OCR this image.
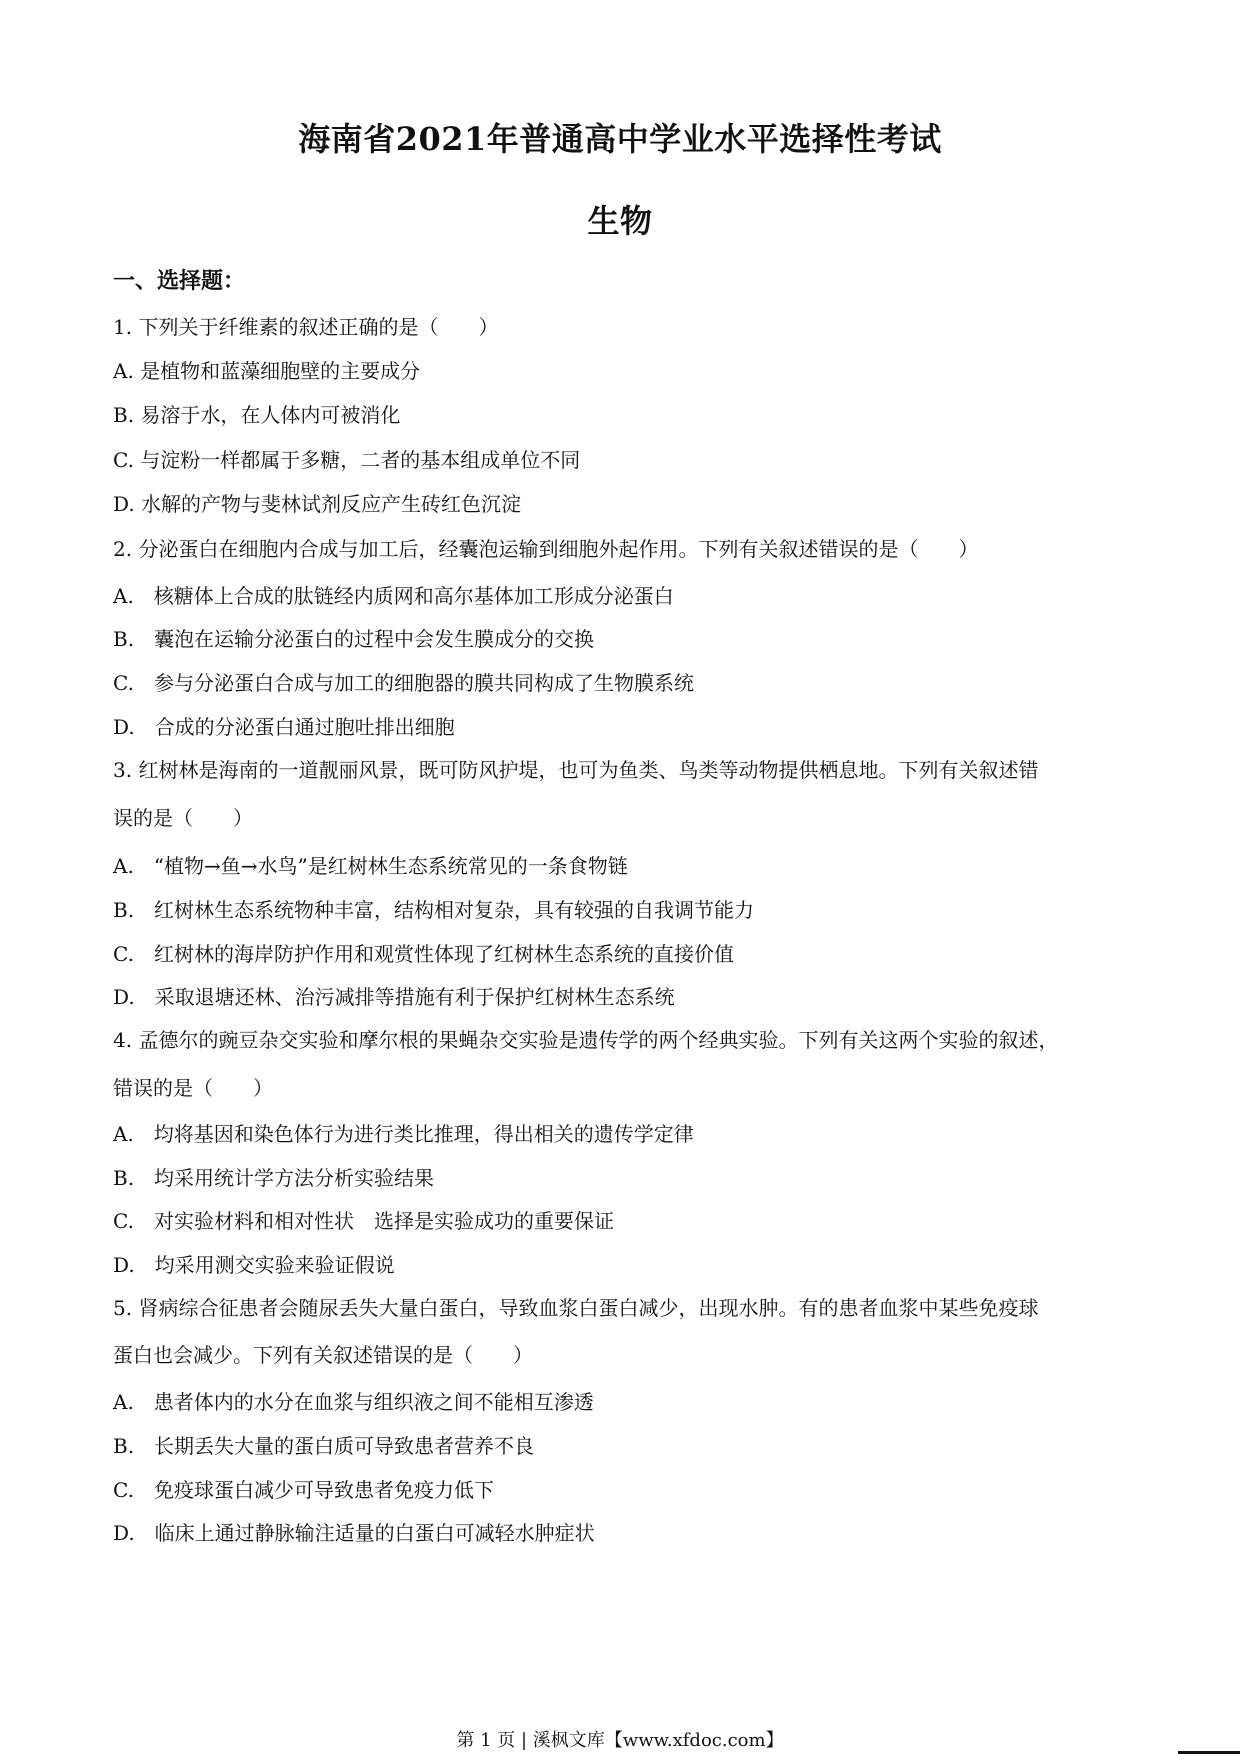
海南省2021年普通高中学业水平选择性考试
生物
一、选择题：
1. 下列关于纤维素的叙述正确的是（　　）
A. 是植物和蓝藻细胞壁的主要成分
B. 易溶于水，在人体内可被消化
C. 与淀粉一样都属于多糖，二者的基本组成单位不同
D. 水解的产物与斐林试剂反应产生砖红色沉淀
2. 分泌蛋白在细胞内合成与加工后，经囊泡运输到细胞外起作用。下列有关叙述错误的是（　　）
A.　核糖体上合成的肽链经内质网和高尔基体加工形成分泌蛋白
B.　囊泡在运输分泌蛋白的过程中会发生膜成分的交换
C.　参与分泌蛋白合成与加工的细胞器的膜共同构成了生物膜系统
D.　合成的分泌蛋白通过胞吐排出细胞
3. 红树林是海南的一道靓丽风景，既可防风护堤，也可为鱼类、鸟类等动物提供栖息地。下列有关叙述错
误的是（　　）
A.　“植物→鱼→水鸟”是红树林生态系统常见的一条食物链
B.　红树林生态系统物种丰富，结构相对复杂，具有较强的自我调节能力
C.　红树林的海岸防护作用和观赏性体现了红树林生态系统的直接价值
D.　采取退塘还林、治污减排等措施有利于保护红树林生态系统
4. 孟德尔的豌豆杂交实验和摩尔根的果蝇杂交实验是遗传学的两个经典实验。下列有关这两个实验的叙述，
错误的是（　　）
A.　均将基因和染色体行为进行类比推理，得出相关的遗传学定律
B.　均采用统计学方法分析实验结果
C.　对实验材料和相对性状　选择是实验成功的重要保证
D.　均采用测交实验来验证假说
5. 肾病综合征患者会随尿丢失大量白蛋白，导致血浆白蛋白减少，出现水肿。有的患者血浆中某些免疫球
蛋白也会减少。下列有关叙述错误的是（　　）
A.　患者体内的水分在血浆与组织液之间不能相互渗透
B.　长期丢失大量的蛋白质可导致患者营养不良
C.　免疫球蛋白减少可导致患者免疫力低下
D.　临床上通过静脉输注适量的白蛋白可减轻水肿症状
第 1 页 | 溪枫文库【www.xfdoc.com】
